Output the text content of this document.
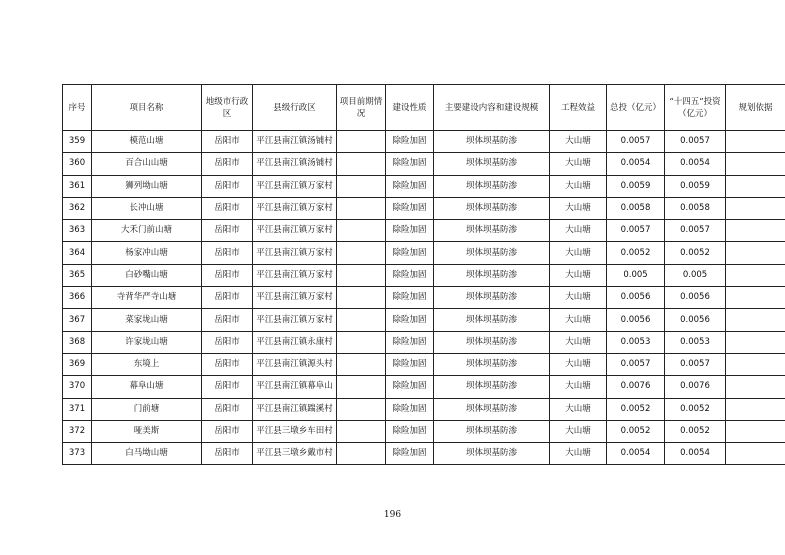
序号	项目名称	地级市行政区	县级行政区	项目前期情况	建设性质	主要建设内容和建设规模	工程效益	总投（亿元）	“十四五”投资（亿元）	规划依据
359	模范山塘	岳阳市	平江县南江镇汤铺村		除险加固	坝体坝基防渗	大山塘	0.0057	0.0057	
360	百合山山塘	岳阳市	平江县南江镇汤铺村		除险加固	坝体坝基防渗	大山塘	0.0054	0.0054	
361	狮列坳山塘	岳阳市	平江县南江镇万家村		除险加固	坝体坝基防渗	大山塘	0.0059	0.0059	
362	长冲山塘	岳阳市	平江县南江镇万家村		除险加固	坝体坝基防渗	大山塘	0.0058	0.0058	
363	大禾门前山塘	岳阳市	平江县南江镇万家村		除险加固	坝体坝基防渗	大山塘	0.0057	0.0057	
364	杨家冲山塘	岳阳市	平江县南江镇万家村		除险加固	坝体坝基防渗	大山塘	0.0052	0.0052	
365	白砂嘴山塘	岳阳市	平江县南江镇万家村		除险加固	坝体坝基防渗	大山塘	0.005	0.005	
366	寺背华严寺山塘	岳阳市	平江县南江镇万家村		除险加固	坝体坝基防渗	大山塘	0.0056	0.0056	
367	菜家垅山塘	岳阳市	平江县南江镇万家村		除险加固	坝体坝基防渗	大山塘	0.0056	0.0056	
368	许家垅山塘	岳阳市	平江县南江镇永康村		除险加固	坝体坝基防渗	大山塘	0.0053	0.0053	
369	东境上	岳阳市	平江县南江镇源头村		除险加固	坝体坝基防渗	大山塘	0.0057	0.0057	
370	幕阜山塘	岳阳市	平江县南江镇幕阜山		除险加固	坝体坝基防渗	大山塘	0.0076	0.0076	
371	门前塘	岳阳市	平江县南江镇踹溪村		除险加固	坝体坝基防渗	大山塘	0.0052	0.0052	
372	哑美斯	岳阳市	平江县三墩乡车田村		除险加固	坝体坝基防渗	大山塘	0.0052	0.0052	
373	白马坳山塘	岳阳市	平江县三墩乡戴市村		除险加固	坝体坝基防渗	大山塘	0.0054	0.0054	
196
